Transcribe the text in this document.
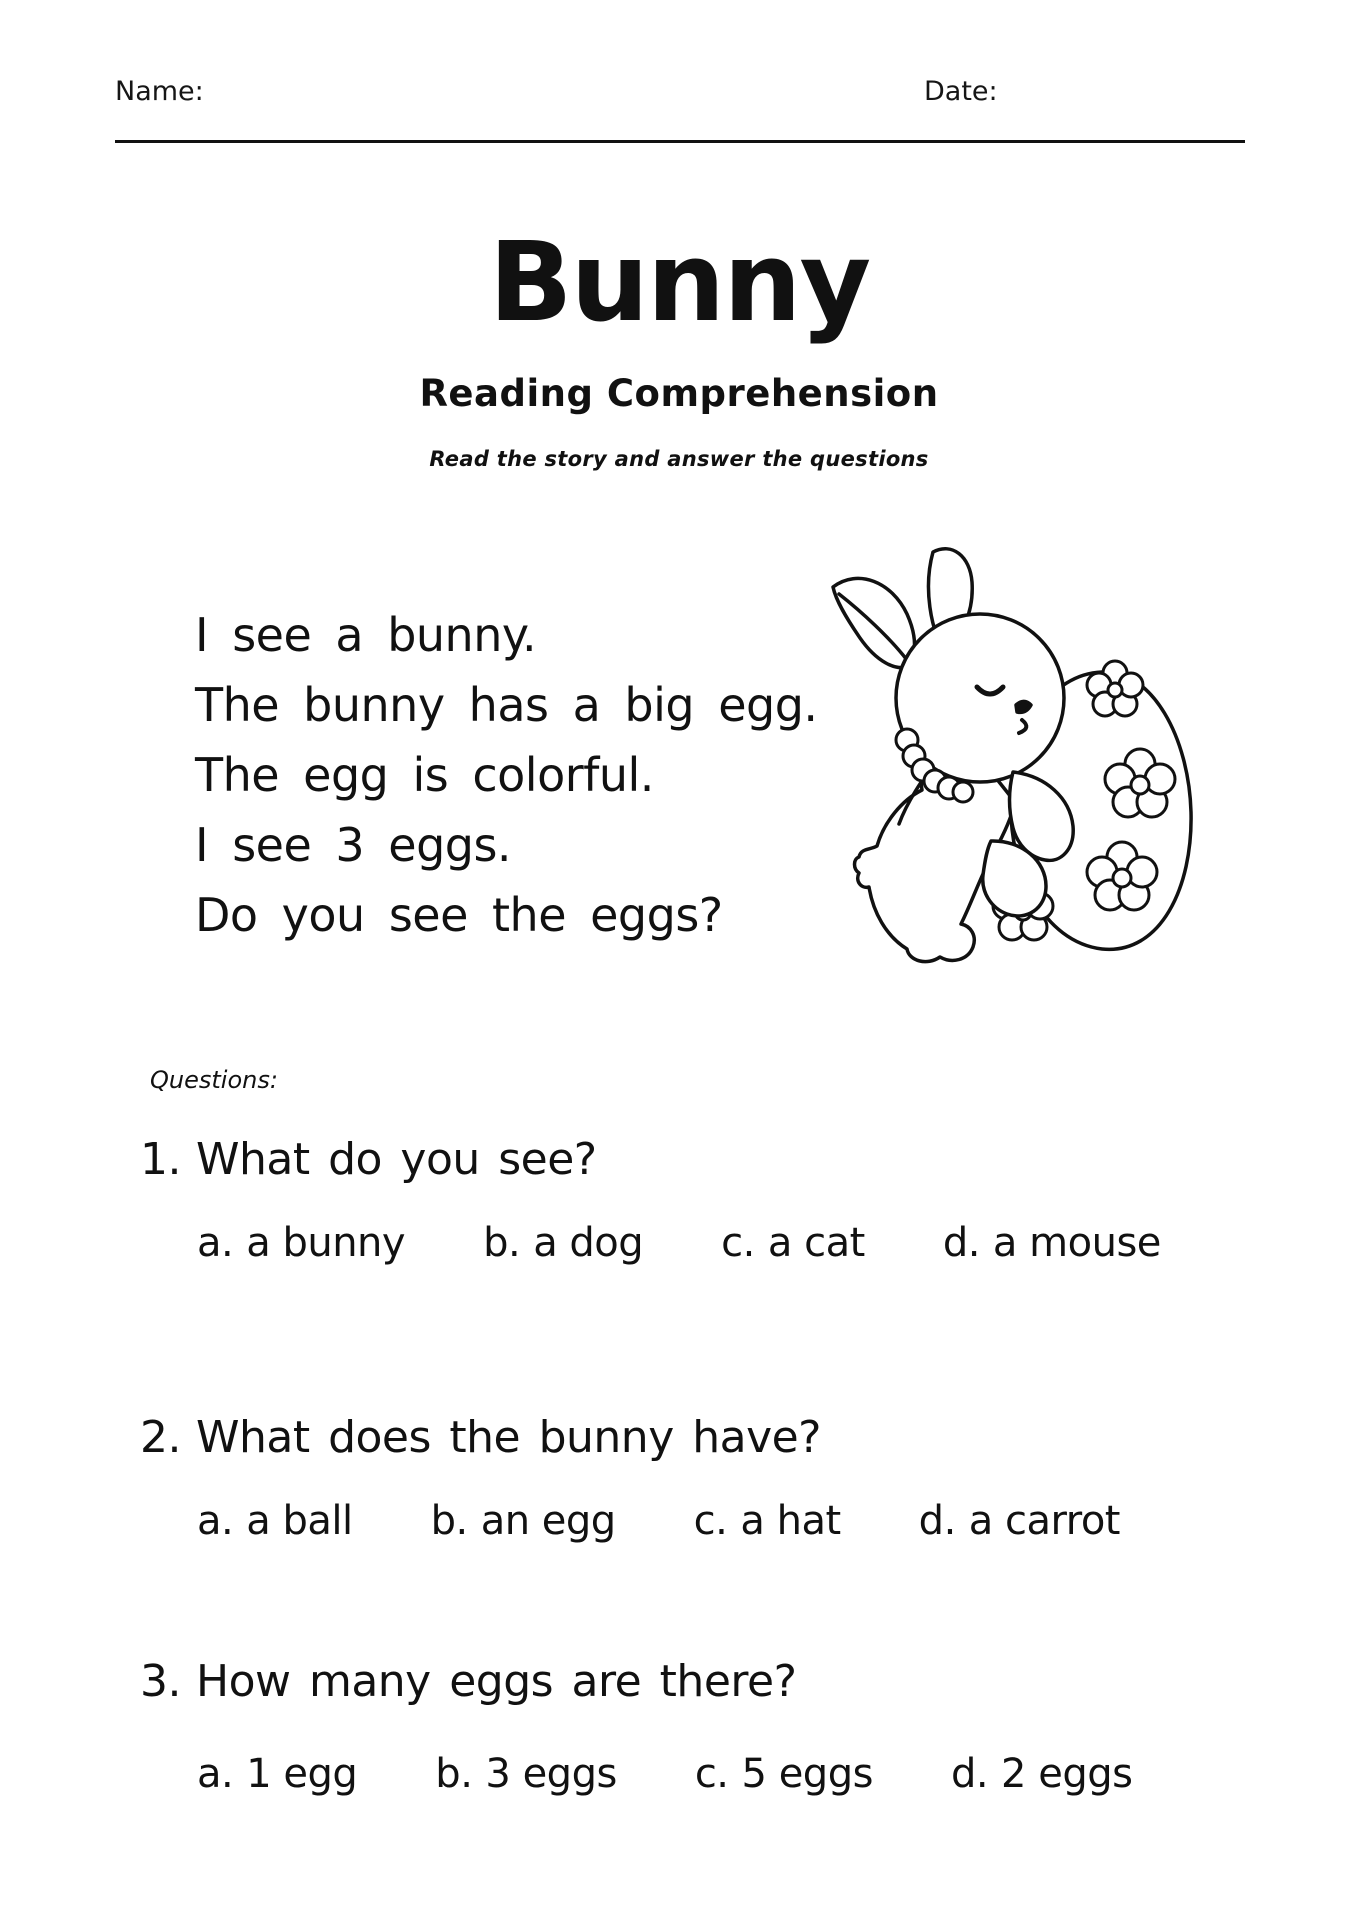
Name:	Date:
Bunny
Reading Comprehension
Read the story and answer the questions
I see a bunny.
The bunny has a big egg.
The egg is colorful.
I see 3 eggs.
Do you see the eggs?
Questions:
1. What do you see?
a. a bunny b. a dog c. a cat d. a mouse
2. What does the bunny have?
a. a ball b. an egg c. a hat d. a carrot
3. How many eggs are there?
a. 1 egg b. 3 eggs c. 5 eggs d. 2 eggs
